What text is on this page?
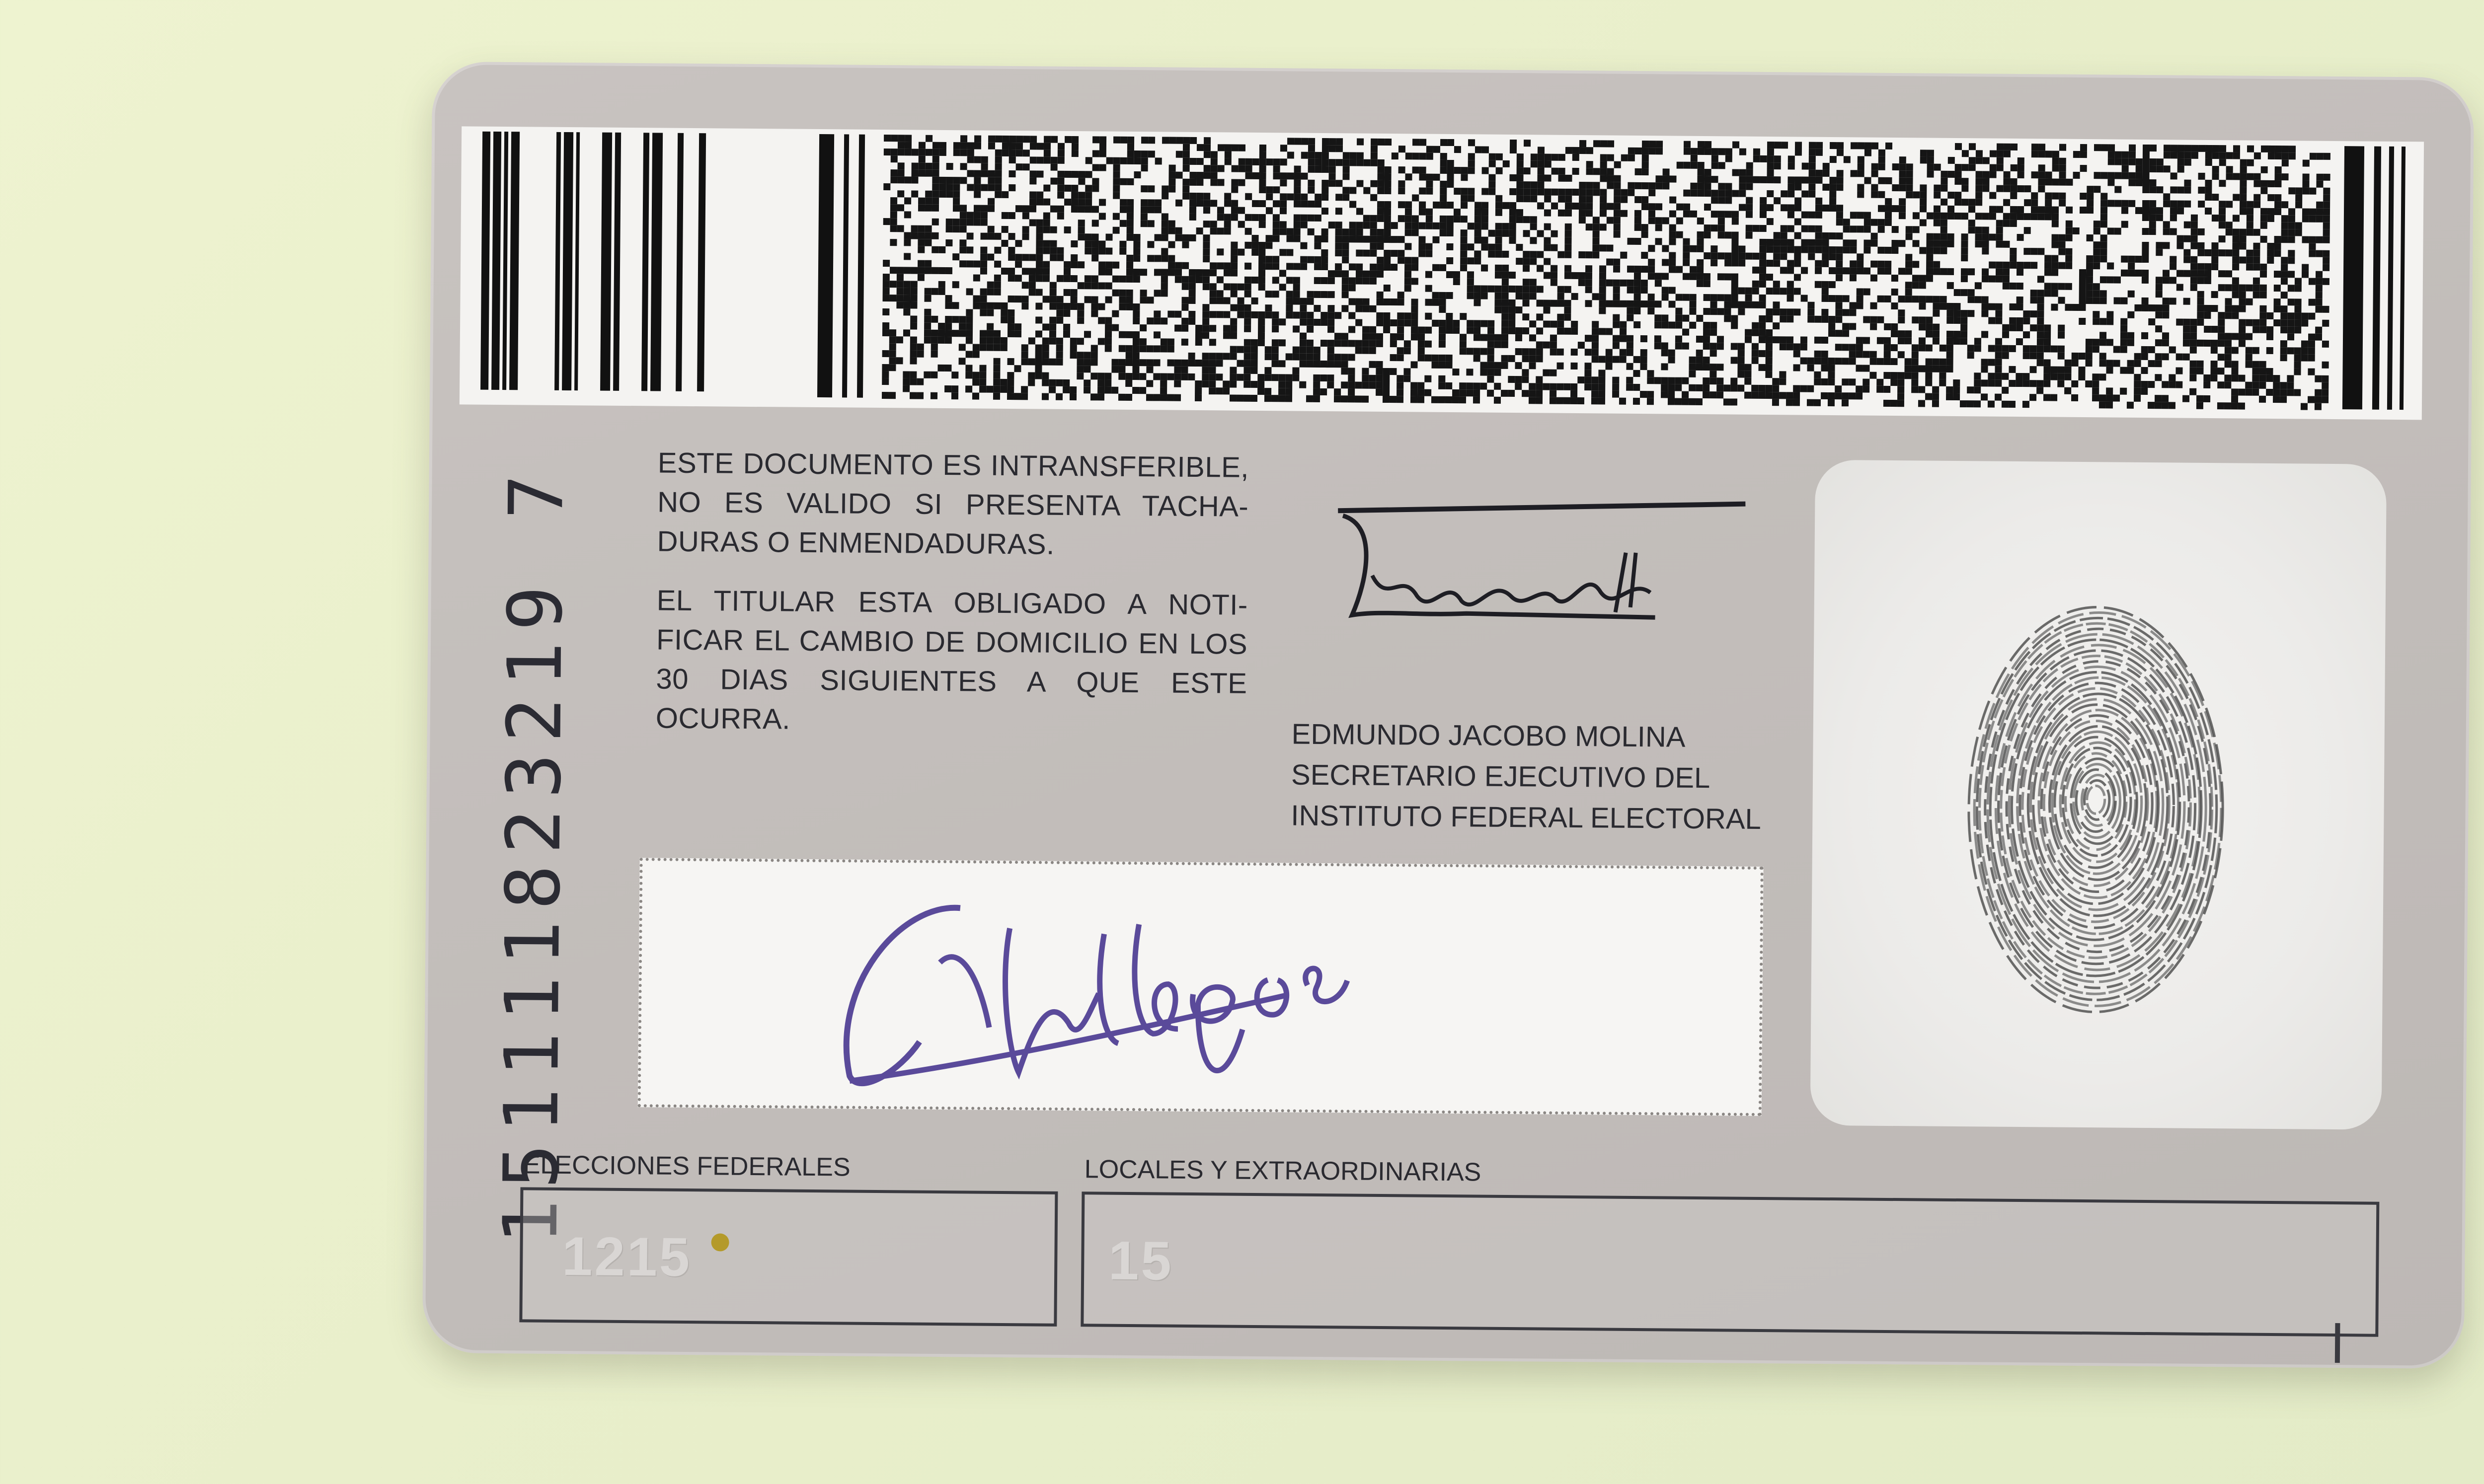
151111823219 7	ESTE DOCUMENTO ES INTRANSFERIBLE, NO ES VALIDO SI PRESENTA TACHA- DURAS O ENMENDADURAS.

EL TITULAR ESTA OBLIGADO A NOTI- FICAR EL CAMBIO DE DOMICILIO EN LOS 30 DIAS SIGUIENTES A QUE ESTE OCURRA.	EDMUNDO JACOBO MOLINA
SECRETARIO EJECUTIVO DEL
INSTITUTO FEDERAL ELECTORAL
ELECCIONES FEDERALES
1215
LOCALES Y EXTRAORDINARIAS
15
